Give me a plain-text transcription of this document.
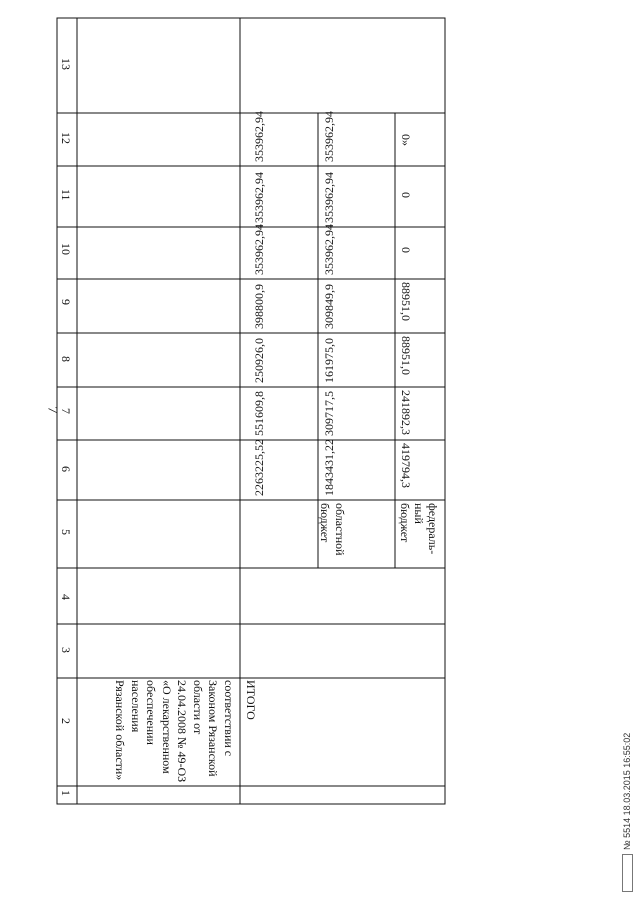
7
13
12
11
10
9
8
7
6
5
4
3
2
1
соответствии с Законом Рязанской области от 24.04.2008 № 49-ОЗ «О лекарственном обеспечении населения Рязанской области»	ИТОГО
областной бюджет	федераль-ный бюджет
2263225,52
551609,8
250926,0
398800,9
353962,94
353962,94
353962,94
1843431,22
309717,5
161975,0
309849,9
353962,94
353962,94
353962,94
419794,3
241892,3
88951,0
88951,0
0
0
0»
№ 5514 18.03.2015 16:55:02
